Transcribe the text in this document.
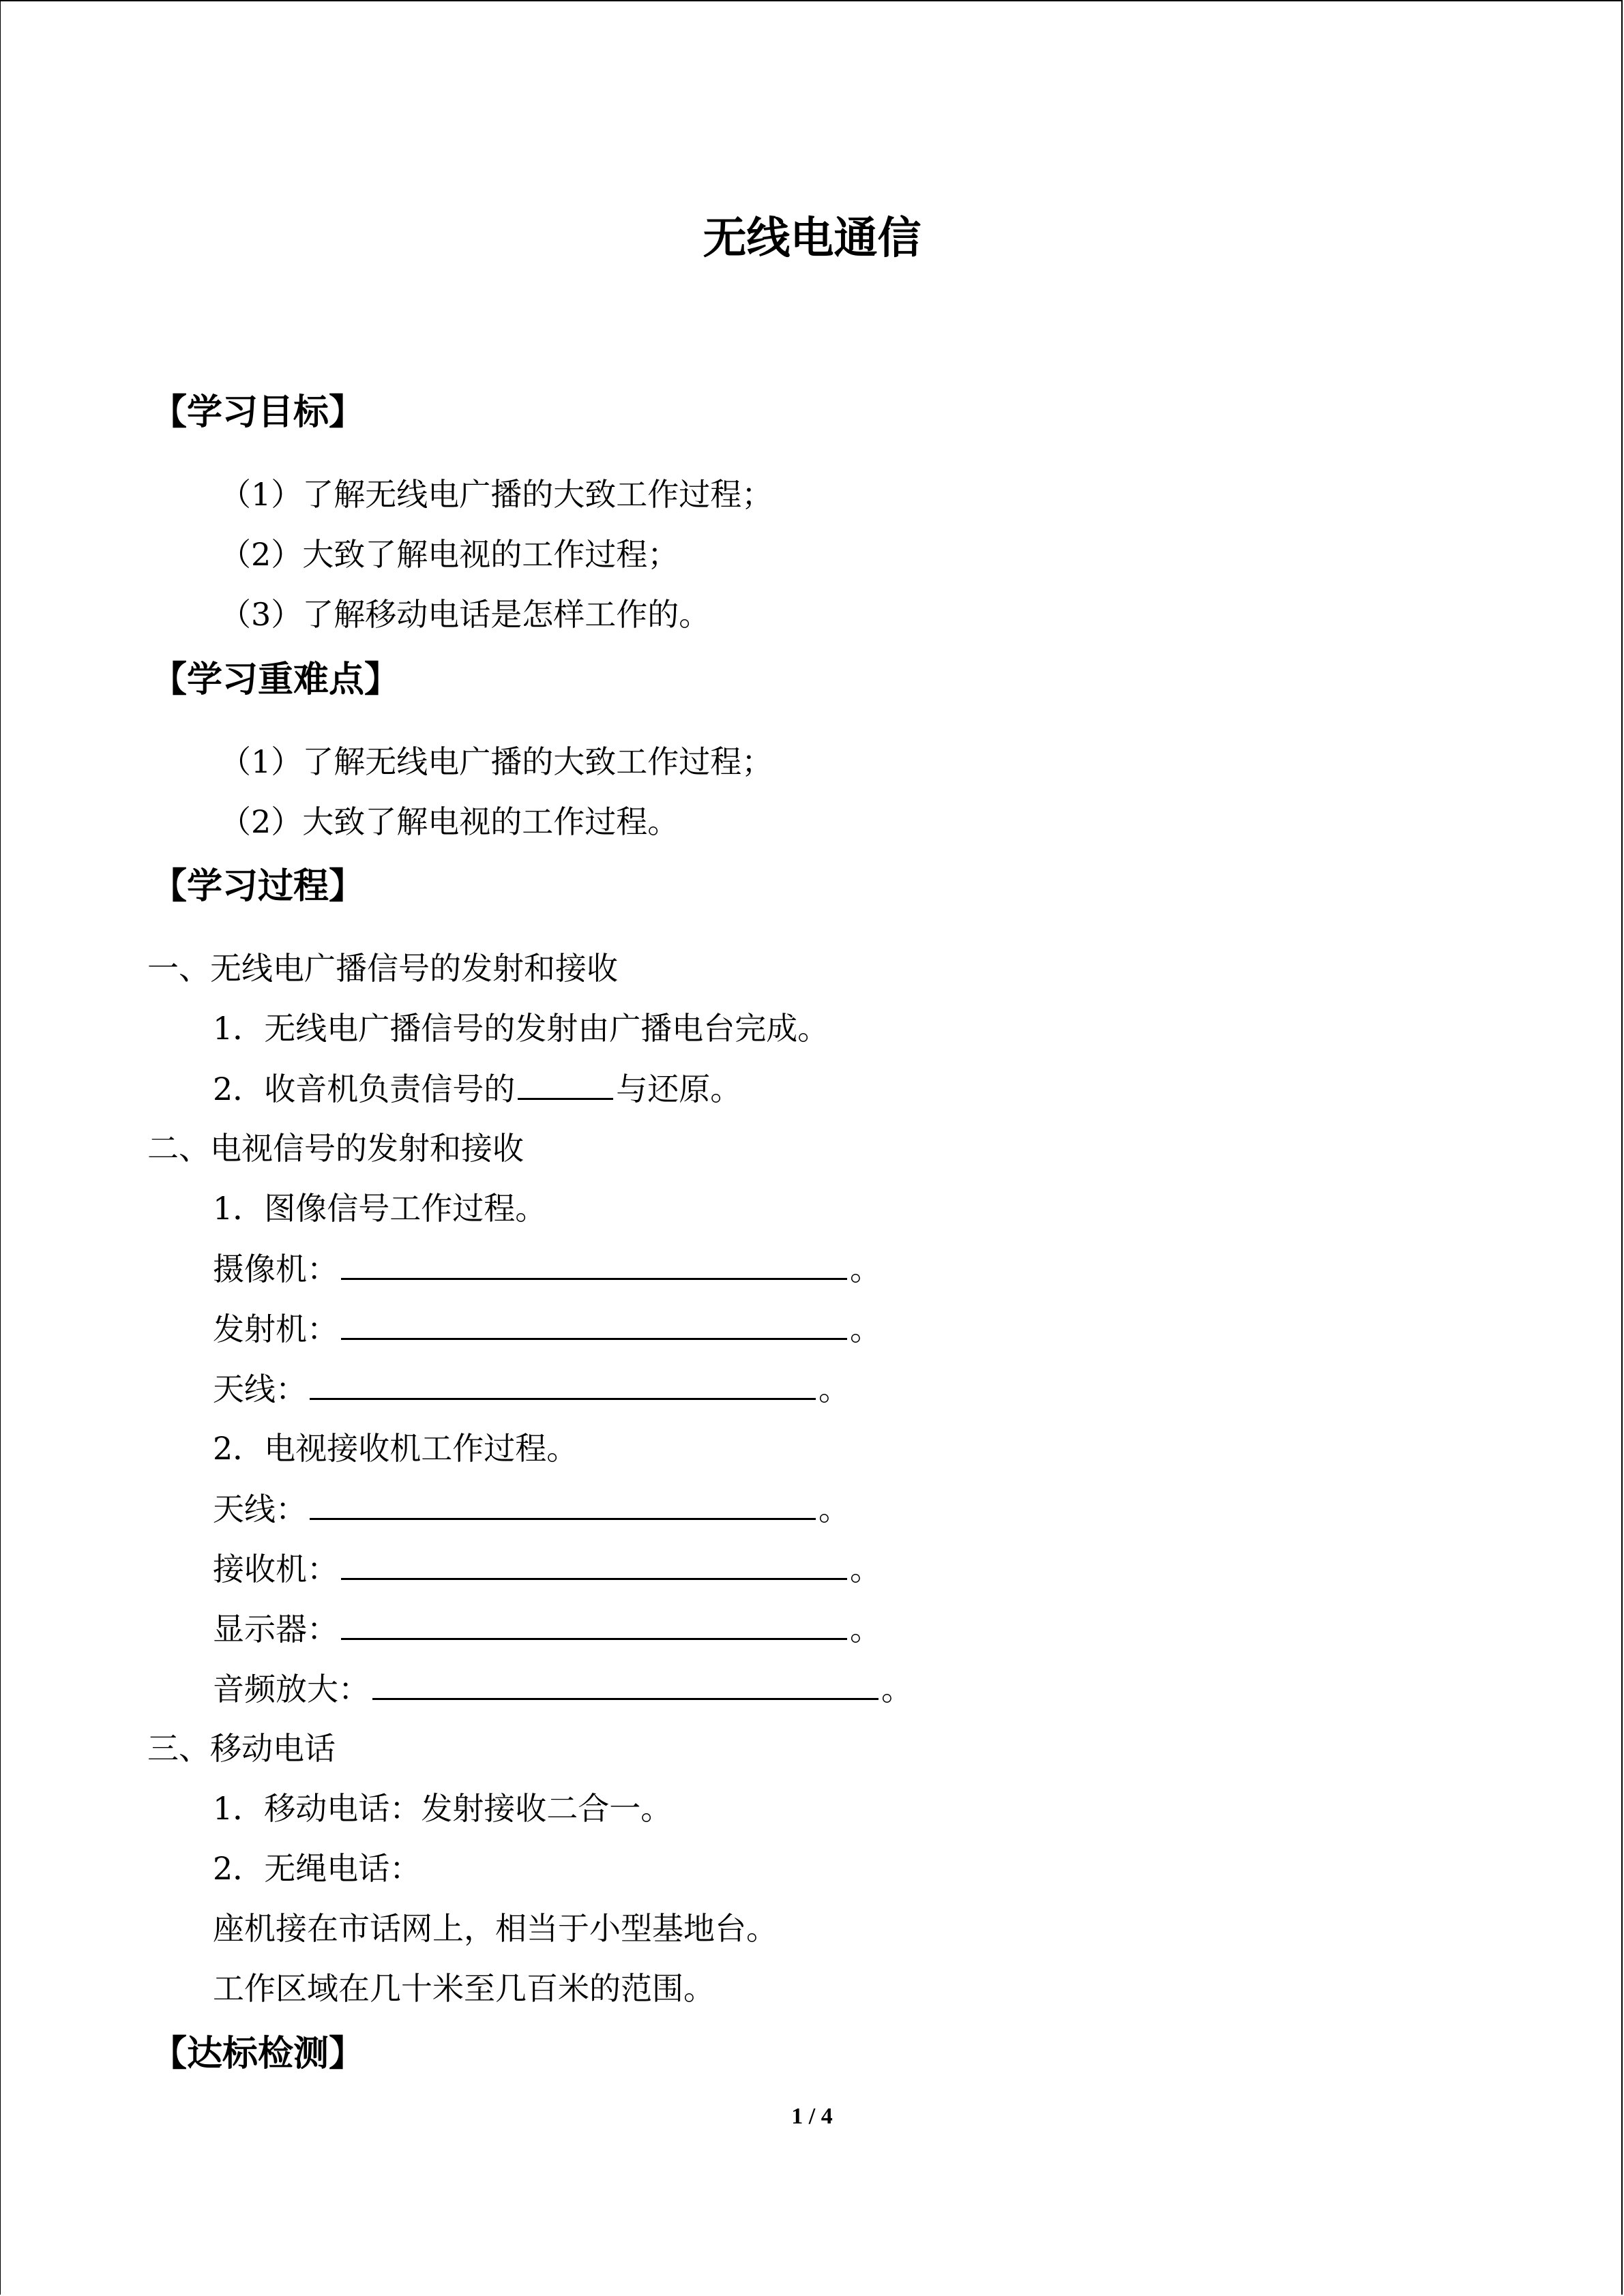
无线电通信
【学习目标】
（1）了解无线电广播的大致工作过程；
（2）大致了解电视的工作过程；
（3）了解移动电话是怎样工作的。
【学习重难点】
（1）了解无线电广播的大致工作过程；
（2）大致了解电视的工作过程。
【学习过程】
一、无线电广播信号的发射和接收
1．无线电广播信号的发射由广播电台完成。
2．收音机负责信号的	与还原。
二、电视信号的发射和接收
1．图像信号工作过程。
摄像机：	。
发射机：	。
天线：	。
2．电视接收机工作过程。
天线：	。
接收机：	。
显示器：	。
音频放大：	。
三、移动电话
1．移动电话：发射接收二合一。
2．无绳电话：
座机接在市话网上，相当于小型基地台。
工作区域在几十米至几百米的范围。
【达标检测】
1 / 4
